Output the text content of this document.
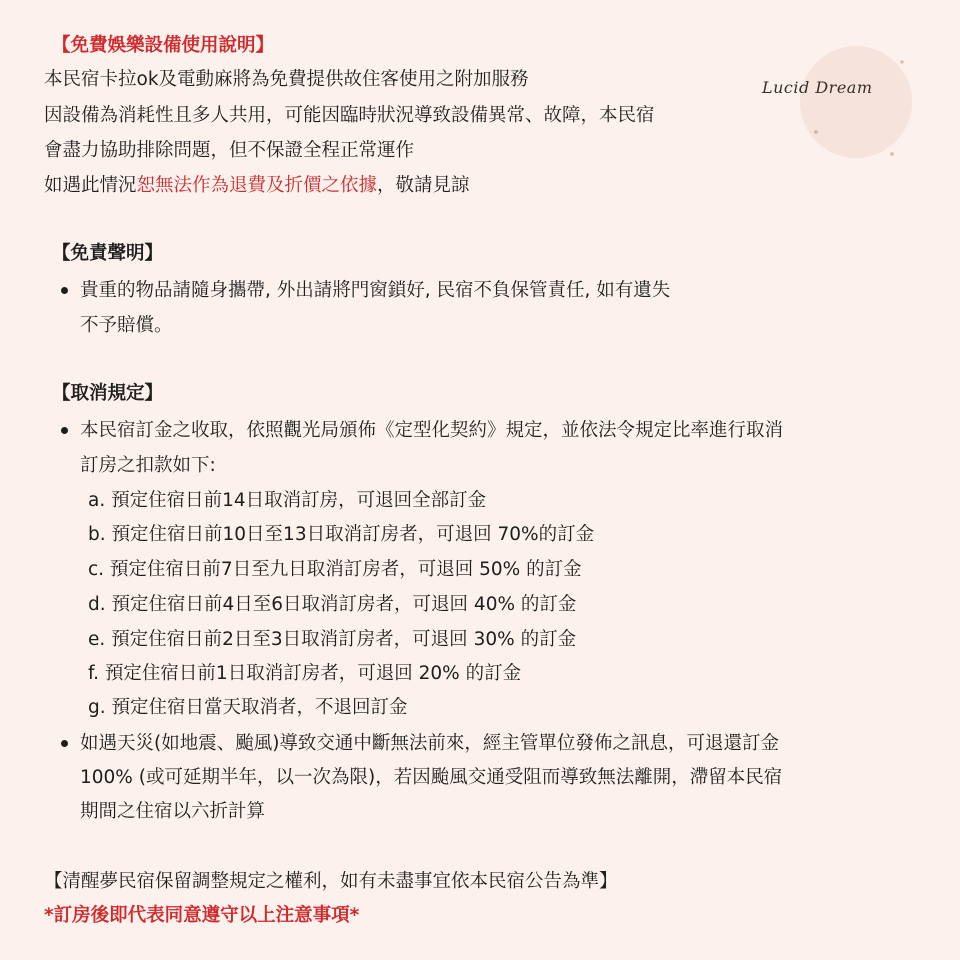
Lucid Dream
【免費娛樂設備使用說明】
本民宿卡拉ok及電動麻將為免費提供故住客使用之附加服務
因設備為消耗性且多人共用，可能因臨時狀況導致設備異常、故障，本民宿
會盡力協助排除問題，但不保證全程正常運作
如遇此情況恕無法作為退費及折價之依據，敬請見諒
【免責聲明】
貴重的物品請隨身攜帶, 外出請將門窗鎖好, 民宿不負保管責任, 如有遺失
不予賠償。
【取消規定】
本民宿訂金之收取，依照觀光局頒佈《定型化契約》規定，並依法令規定比率進行取消
訂房之扣款如下:
a. 預定住宿日前14日取消訂房，可退回全部訂金
b. 預定住宿日前10日至13日取消訂房者，可退回 70%的訂金
c. 預定住宿日前7日至九日取消訂房者，可退回 50% 的訂金
d. 預定住宿日前4日至6日取消訂房者，可退回 40% 的訂金
e. 預定住宿日前2日至3日取消訂房者，可退回 30% 的訂金
f. 預定住宿日前1日取消訂房者，可退回 20% 的訂金
g. 預定住宿日當天取消者，不退回訂金
如遇天災(如地震、颱風)導致交通中斷無法前來，經主管單位發佈之訊息，可退還訂金
100% (或可延期半年，以一次為限)，若因颱風交通受阻而導致無法離開，滯留本民宿
期間之住宿以六折計算
【清醒夢民宿保留調整規定之權利，如有未盡事宜依本民宿公告為準】
*訂房後即代表同意遵守以上注意事項*
